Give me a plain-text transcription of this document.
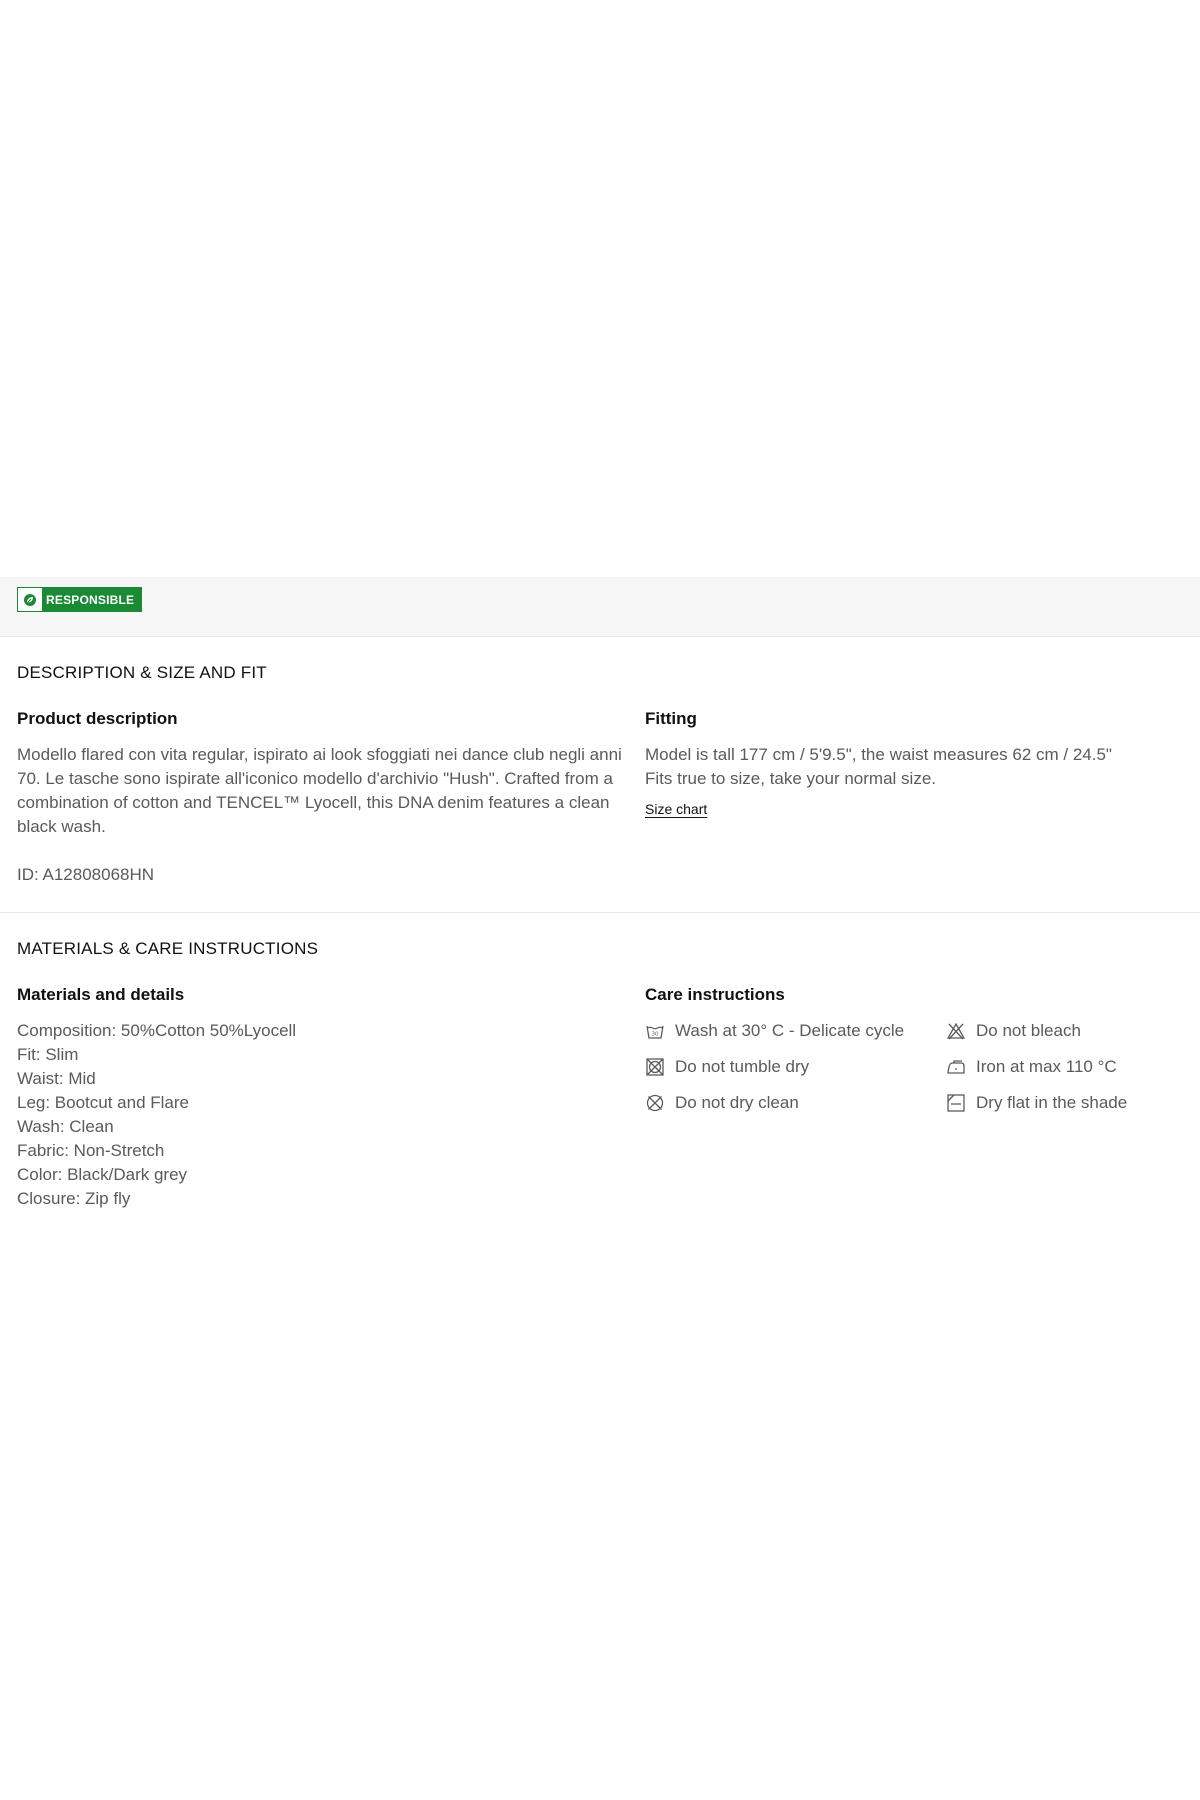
RESPONSIBLE
DESCRIPTION & SIZE AND FIT
Product description

Modello flared con vita regular, ispirato ai look sfoggiati nei dance club negli anni 70. Le tasche sono ispirate all'iconico modello d'archivio "Hush". Crafted from a combination of cotton and TENCEL™ Lyocell, this DNA denim features a clean black wash.

ID: A12808068HN

Fitting

Model is tall 177 cm / 5'9.5", the waist measures 62 cm / 24.5"

Fits true to size, take your normal size.

Size chart
MATERIALS & CARE INSTRUCTIONS
Materials and details

Composition: 50%Cotton 50%Lyocell

Fit: Slim

Waist: Mid

Leg: Bootcut and Flare

Wash: Clean

Fabric: Non-Stretch

Color: Black/Dark grey

Closure: Zip fly

Care instructions
30 Wash at 30° C - Delicate cycle	Do not bleach
Do not tumble dry	Iron at max 110 °C
Do not dry clean	Dry flat in the shade
